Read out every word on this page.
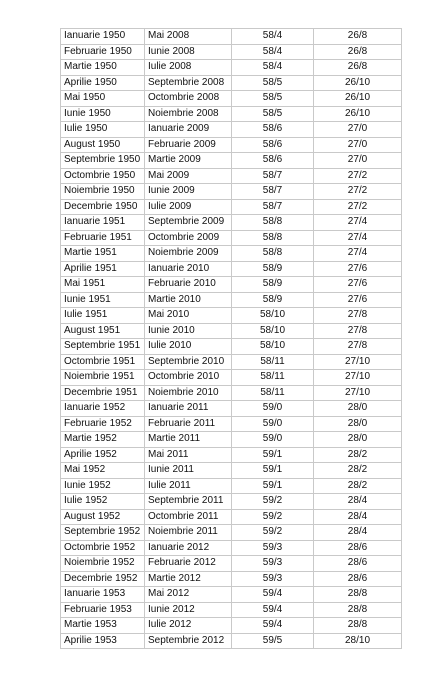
Ianuarie 1950	Mai 2008	58/4	26/8
Februarie 1950	Iunie 2008	58/4	26/8
Martie 1950	Iulie 2008	58/4	26/8
Aprilie 1950	Septembrie 2008	58/5	26/10
Mai 1950	Octombrie 2008	58/5	26/10
Iunie 1950	Noiembrie 2008	58/5	26/10
Iulie 1950	Ianuarie 2009	58/6	27/0
August 1950	Februarie 2009	58/6	27/0
Septembrie 1950	Martie 2009	58/6	27/0
Octombrie 1950	Mai 2009	58/7	27/2
Noiembrie 1950	Iunie 2009	58/7	27/2
Decembrie 1950	Iulie 2009	58/7	27/2
Ianuarie 1951	Septembrie 2009	58/8	27/4
Februarie 1951	Octombrie 2009	58/8	27/4
Martie 1951	Noiembrie 2009	58/8	27/4
Aprilie 1951	Ianuarie 2010	58/9	27/6
Mai 1951	Februarie 2010	58/9	27/6
Iunie 1951	Martie 2010	58/9	27/6
Iulie 1951	Mai 2010	58/10	27/8
August 1951	Iunie 2010	58/10	27/8
Septembrie 1951	Iulie 2010	58/10	27/8
Octombrie 1951	Septembrie 2010	58/11	27/10
Noiembrie 1951	Octombrie 2010	58/11	27/10
Decembrie 1951	Noiembrie 2010	58/11	27/10
Ianuarie 1952	Ianuarie 2011	59/0	28/0
Februarie 1952	Februarie 2011	59/0	28/0
Martie 1952	Martie 2011	59/0	28/0
Aprilie 1952	Mai 2011	59/1	28/2
Mai 1952	Iunie 2011	59/1	28/2
Iunie 1952	Iulie 2011	59/1	28/2
Iulie 1952	Septembrie 2011	59/2	28/4
August 1952	Octombrie 2011	59/2	28/4
Septembrie 1952	Noiembrie 2011	59/2	28/4
Octombrie 1952	Ianuarie 2012	59/3	28/6
Noiembrie 1952	Februarie 2012	59/3	28/6
Decembrie 1952	Martie 2012	59/3	28/6
Ianuarie 1953	Mai 2012	59/4	28/8
Februarie 1953	Iunie 2012	59/4	28/8
Martie 1953	Iulie 2012	59/4	28/8
Aprilie 1953	Septembrie 2012	59/5	28/10
